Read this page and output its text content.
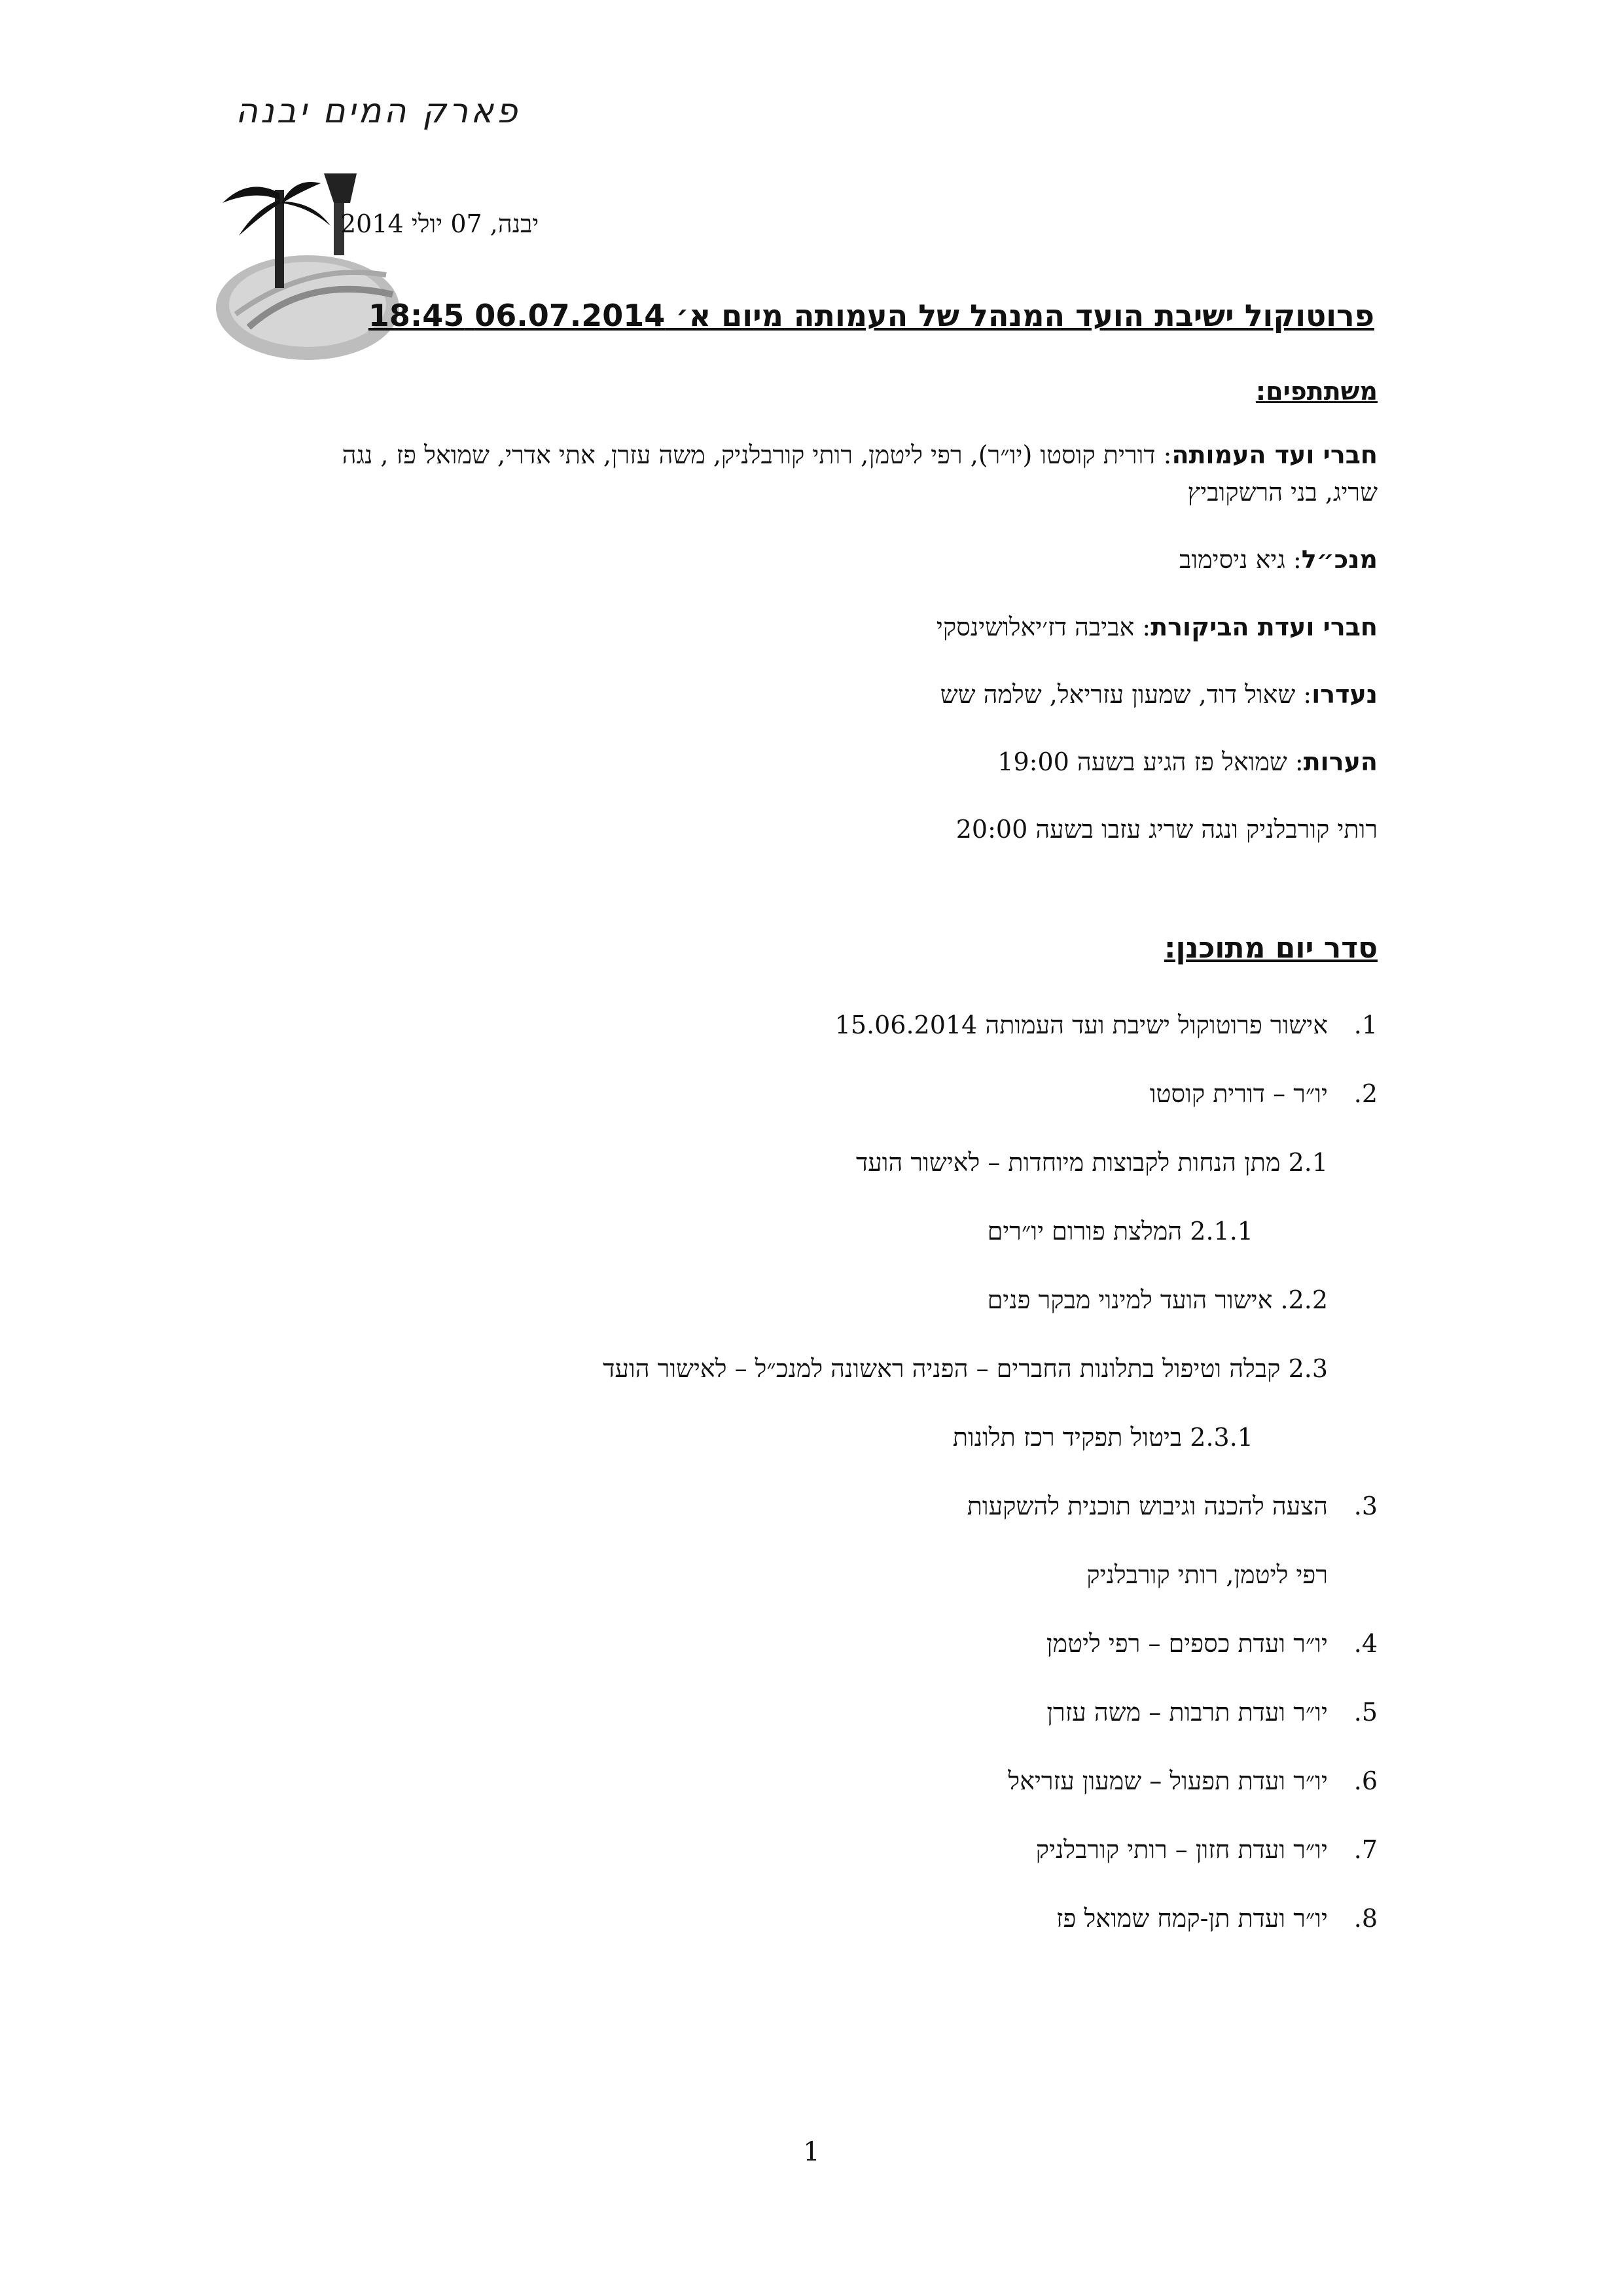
פארק המים יבנה
יבנה, 07 יולי 2014
פרוטוקול ישיבת הועד המנהל של העמותה מיום א׳ 06.07.2014 18:45
משתתפים:

חברי ועד העמותה: דורית קוסטו (יו״ר), רפי ליטמן, רותי קורבלניק, משה עזרן, אתי אדרי, שמואל פז , נגה שריג, בני הרשקוביץ

מנכ״ל: גיא ניסימוב

חברי ועדת הביקורת: אביבה דז׳יאלושינסקי

נעדרו: שאול דוד, שמעון עזריאל, שלמה שש

הערות: שמואל פז הגיע בשעה 19:00

רותי קורבלניק ונגה שריג עזבו בשעה 20:00

סדר יום מתוכנן:
1.אישור פרוטוקול ישיבת ועד העמותה 15.06.2014
2.יו״ר – דורית קוסטו
2.1 מתן הנחות לקבוצות מיוחדות – לאישור הועד
2.1.1 המלצת פורום יו״רים
2.2. אישור הועד למינוי מבקר פנים
2.3 קבלה וטיפול בתלונות החברים – הפניה ראשונה למנכ״ל – לאישור הועד
2.3.1 ביטול תפקיד רכז תלונות
3.הצעה להכנה וגיבוש תוכנית להשקעות
רפי ליטמן, רותי קורבלניק
4.יו״ר ועדת כספים – רפי ליטמן
5.יו״ר ועדת תרבות – משה עזרן
6.יו״ר ועדת תפעול – שמעון עזריאל
7.יו״ר ועדת חזון – רותי קורבלניק
8.יו״ר ועדת תן-קמח שמואל פז
1
